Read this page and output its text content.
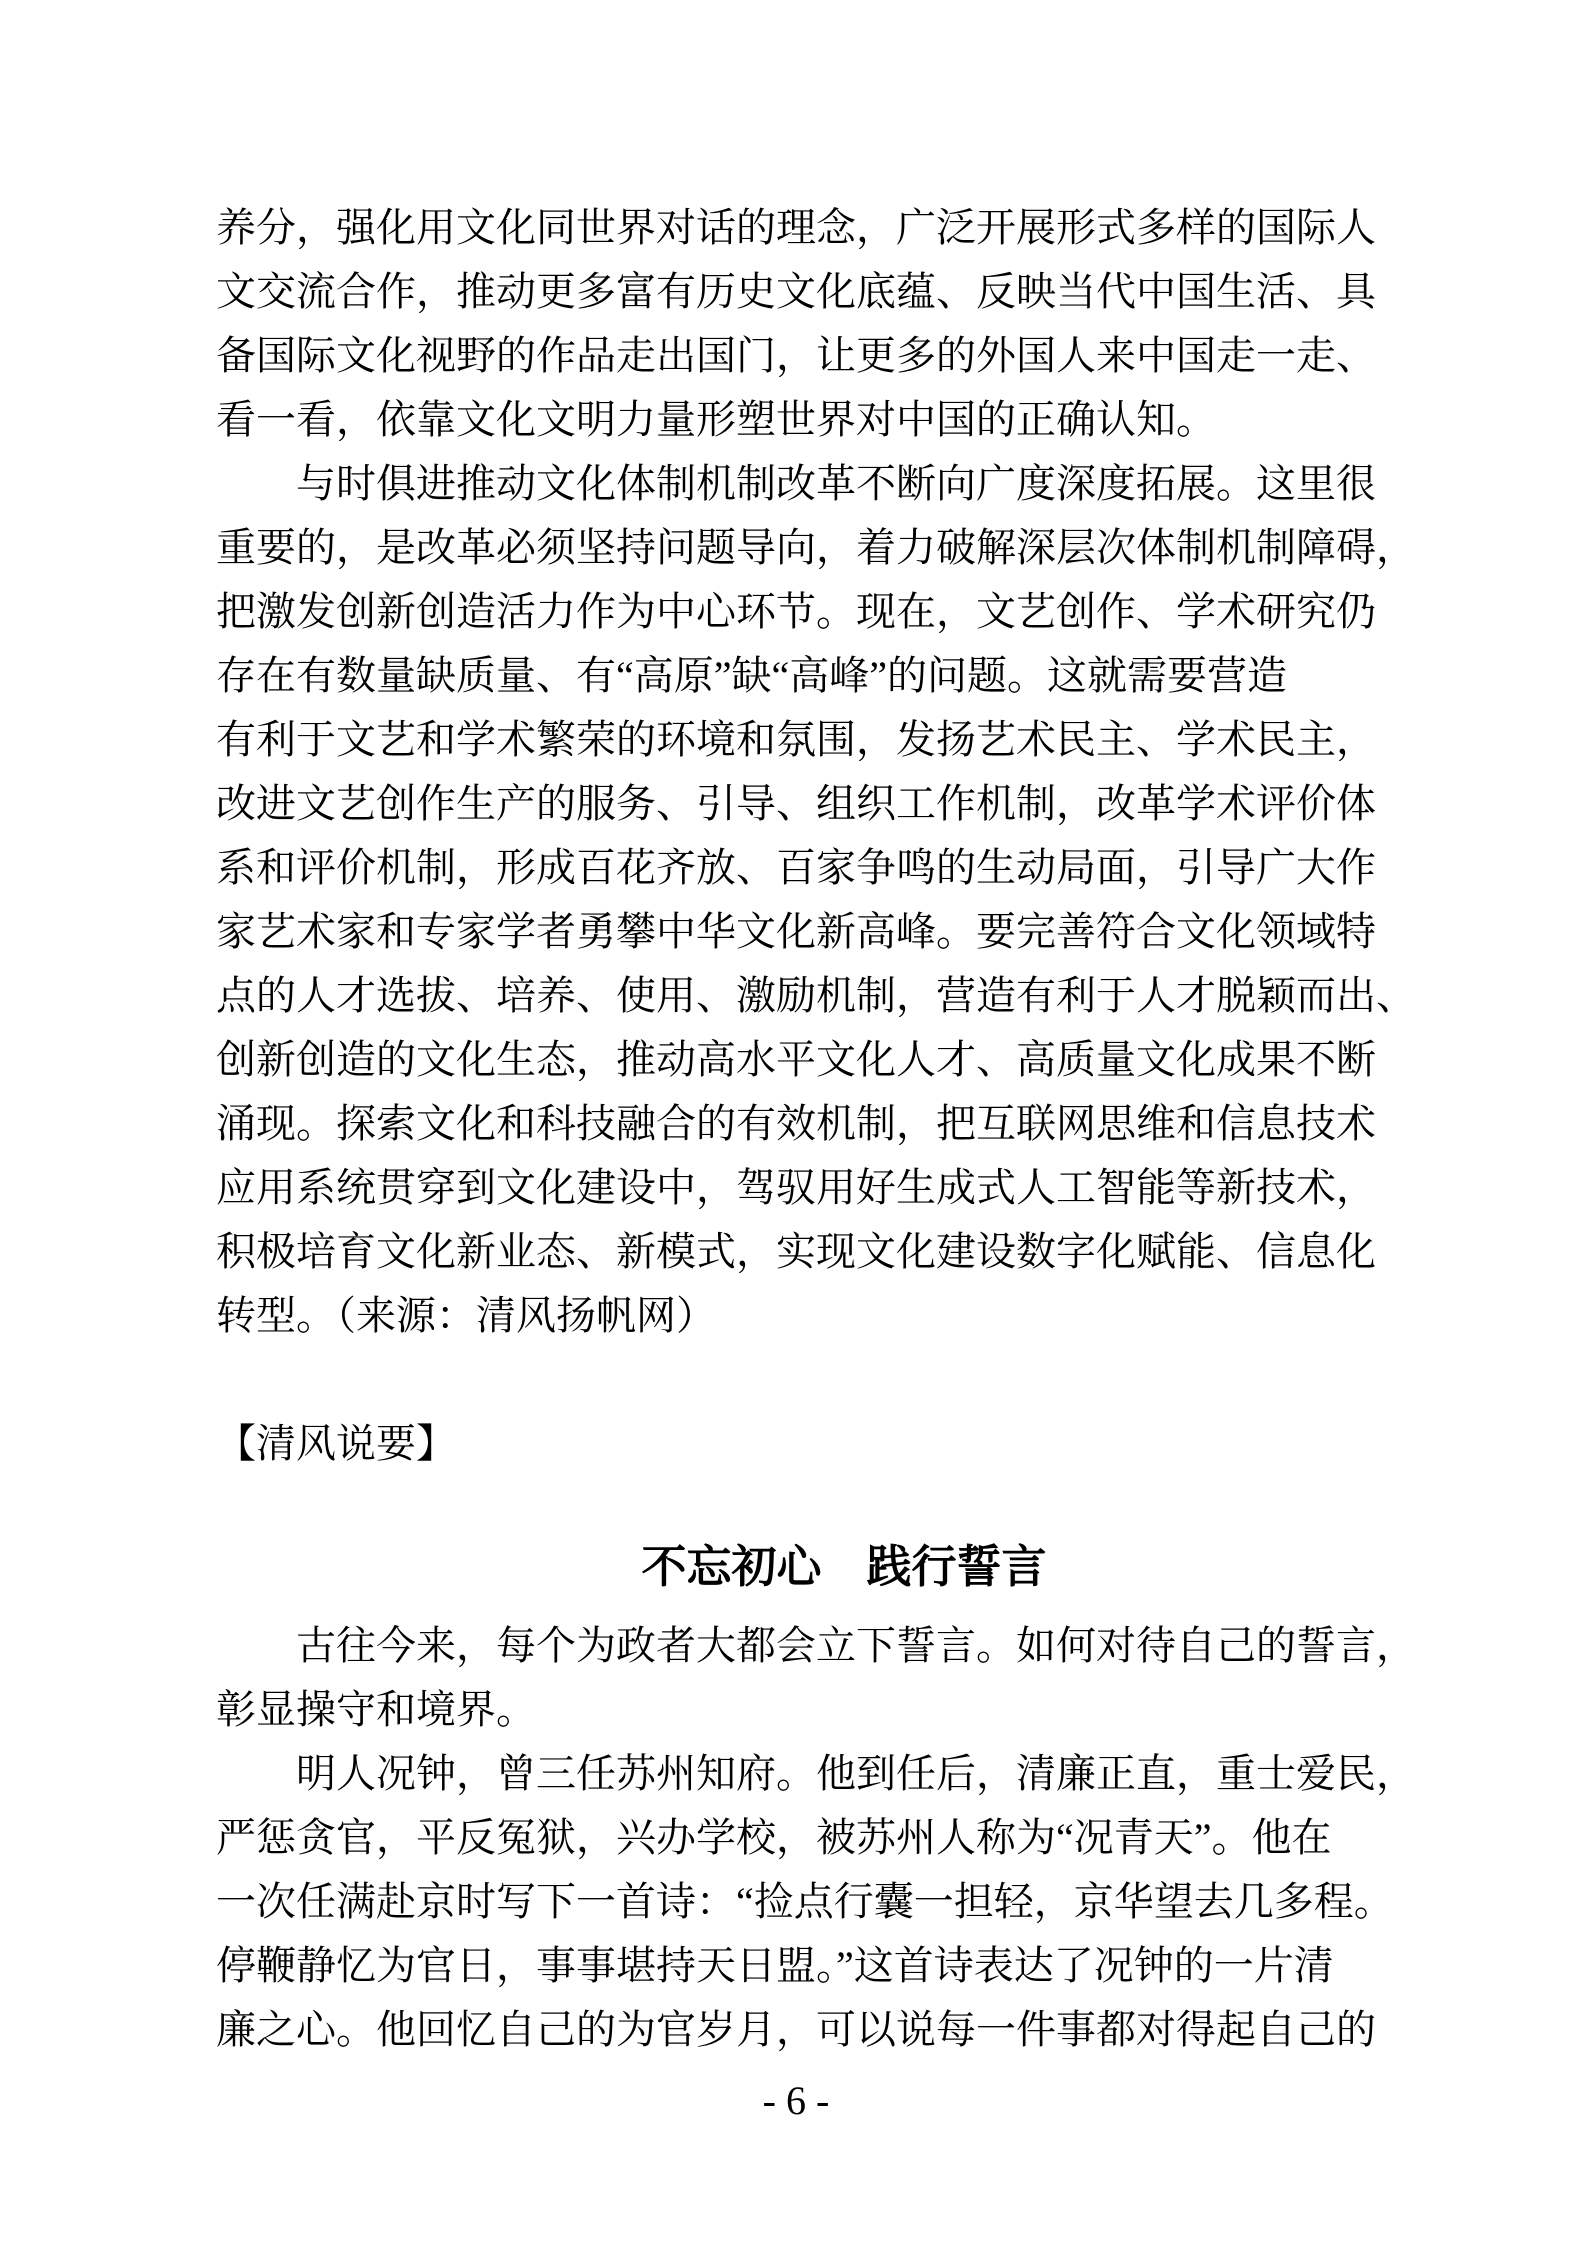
养分，强化用文化同世界对话的理念，广泛开展形式多样的国际人
文交流合作，推动更多富有历史文化底蕴、反映当代中国生活、具
备国际文化视野的作品走出国门，让更多的外国人来中国走一走、
看一看，依靠文化文明力量形塑世界对中国的正确认知。
与时俱进推动文化体制机制改革不断向广度深度拓展。这里很
重要的，是改革必须坚持问题导向，着力破解深层次体制机制障碍，
把激发创新创造活力作为中心环节。现在，文艺创作、学术研究仍
存在有数量缺质量、有“高原”缺“高峰”的问题。这就需要营造
有利于文艺和学术繁荣的环境和氛围，发扬艺术民主、学术民主，
改进文艺创作生产的服务、引导、组织工作机制，改革学术评价体
系和评价机制，形成百花齐放、百家争鸣的生动局面，引导广大作
家艺术家和专家学者勇攀中华文化新高峰。要完善符合文化领域特
点的人才选拔、培养、使用、激励机制，营造有利于人才脱颖而出、
创新创造的文化生态，推动高水平文化人才、高质量文化成果不断
涌现。探索文化和科技融合的有效机制，把互联网思维和信息技术
应用系统贯穿到文化建设中，驾驭用好生成式人工智能等新技术，
积极培育文化新业态、新模式，实现文化建设数字化赋能、信息化
转型。（来源：清风扬帆网）
【清风说要】
不忘初心　践行誓言
古往今来，每个为政者大都会立下誓言。如何对待自己的誓言，
彰显操守和境界。
明人况钟，曾三任苏州知府。他到任后，清廉正直，重士爱民，
严惩贪官，平反冤狱，兴办学校，被苏州人称为“况青天”。他在
一次任满赴京时写下一首诗：“捡点行囊一担轻，京华望去几多程。
停鞭静忆为官日，事事堪持天日盟。”这首诗表达了况钟的一片清
廉之心。他回忆自己的为官岁月，可以说每一件事都对得起自己的
- 6 -
